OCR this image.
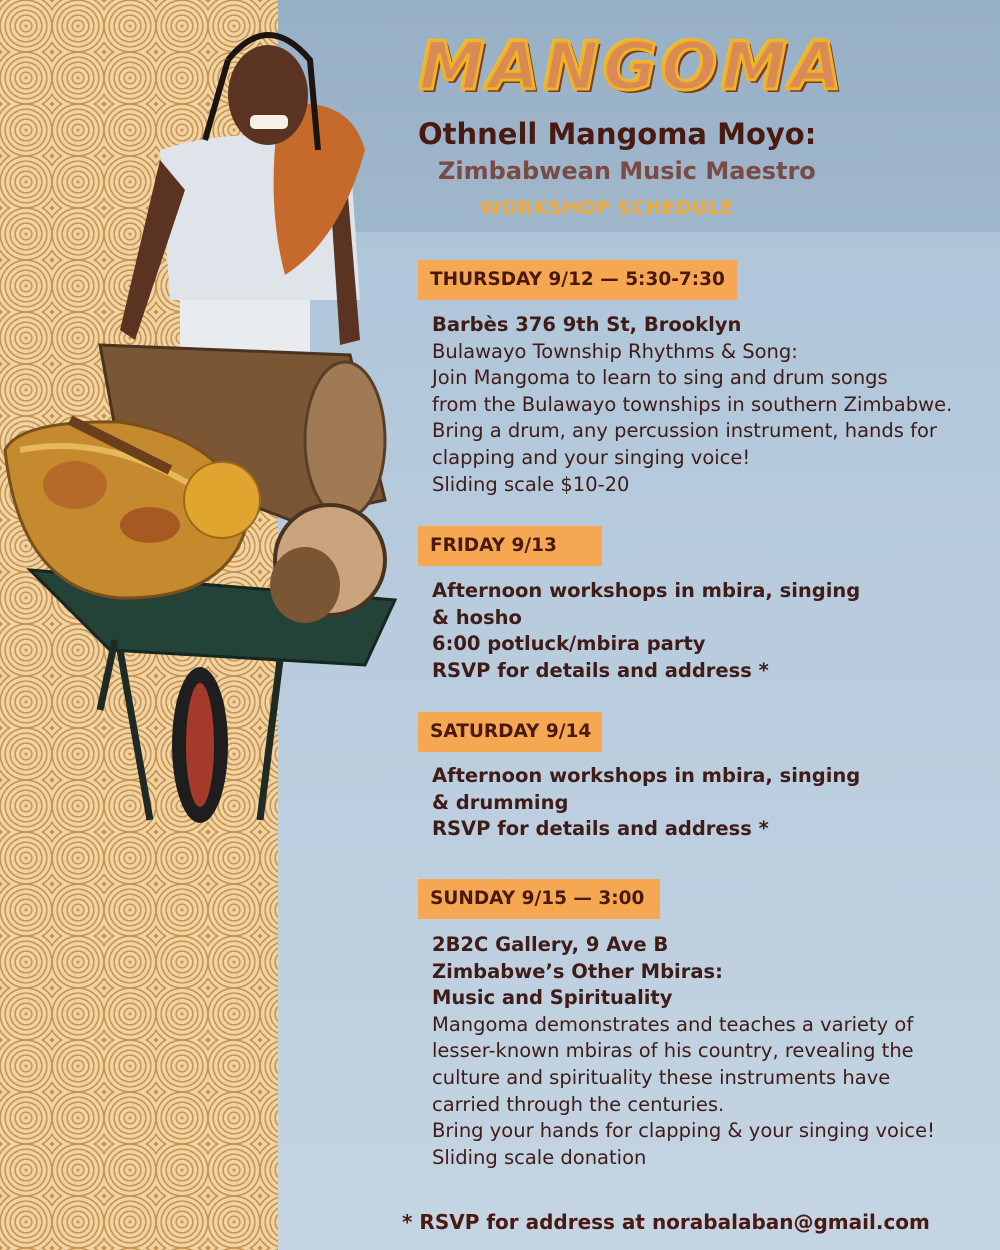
MANGOMA
Othnell Mangoma Moyo:
Zimbabwean Music Maestro
WORKSHOP SCHEDULE
THURSDAY 9/12 — 5:30-7:30
Barbès 376 9th St, Brooklyn
Bulawayo Township Rhythms & Song:
Join Mangoma to learn to sing and drum songs
from the Bulawayo townships in southern Zimbabwe.
Bring a drum, any percussion instrument, hands for
clapping and your singing voice!
Sliding scale $10-20
FRIDAY 9/13
Afternoon workshops in mbira, singing
& hosho
6:00 potluck/mbira party
RSVP for details and address *
SATURDAY 9/14
Afternoon workshops in mbira, singing
& drumming
RSVP for details and address *
SUNDAY 9/15 — 3:00
2B2C Gallery, 9 Ave B
Zimbabwe’s Other Mbiras:
Music and Spirituality
Mangoma demonstrates and teaches a variety of
lesser-known mbiras of his country, revealing the
culture and spirituality these instruments have
carried through the centuries.
Bring your hands for clapping & your singing voice!
Sliding scale donation
* RSVP for address at norabalaban@gmail.com
